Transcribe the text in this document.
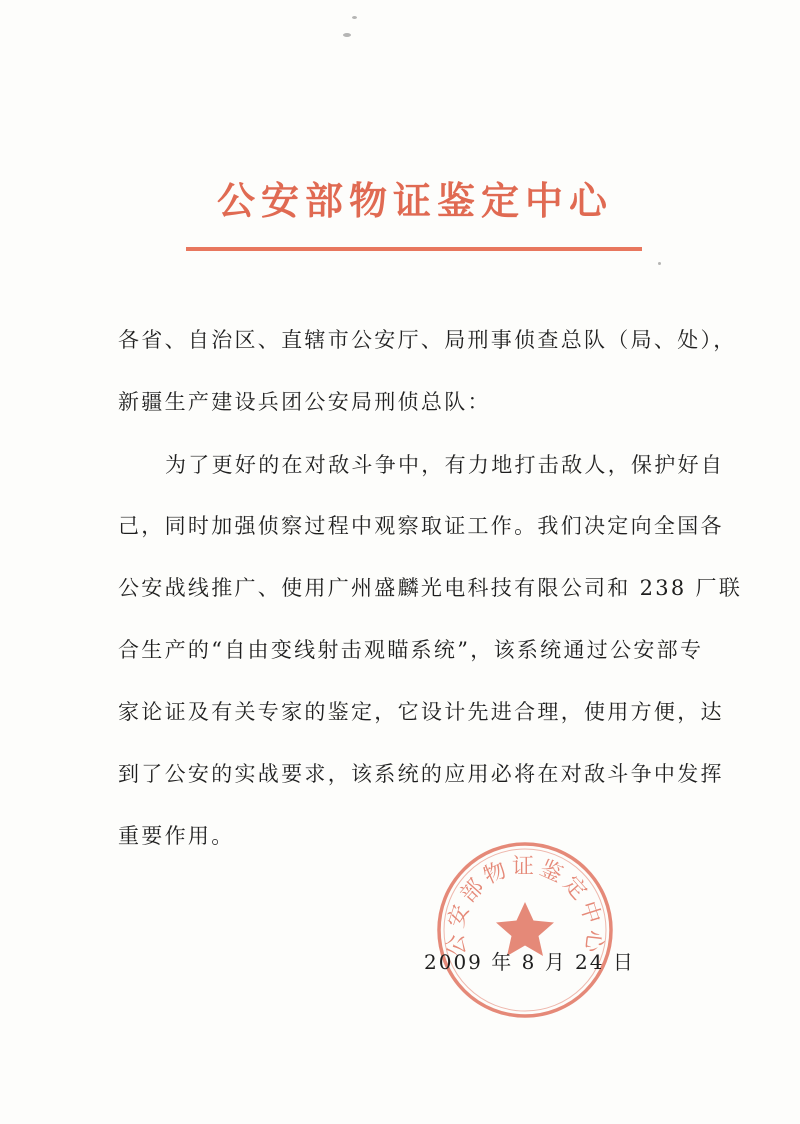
公安部物证鉴定中心
各省、自治区、直辖市公安厅、局刑事侦查总队（局、处），
新疆生产建设兵团公安局刑侦总队：
为了更好的在对敌斗争中，有力地打击敌人，保护好自
己，同时加强侦察过程中观察取证工作。我们决定向全国各
公安战线推广、使用广州盛麟光电科技有限公司和 238 厂联
合生产的“自由变线射击观瞄系统”，该系统通过公安部专
家论证及有关专家的鉴定，它设计先进合理，使用方便，达
到了公安的实战要求，该系统的应用必将在对敌斗争中发挥
重要作用。
公安部物证鉴定中心
2009 年 8 月 24 日
